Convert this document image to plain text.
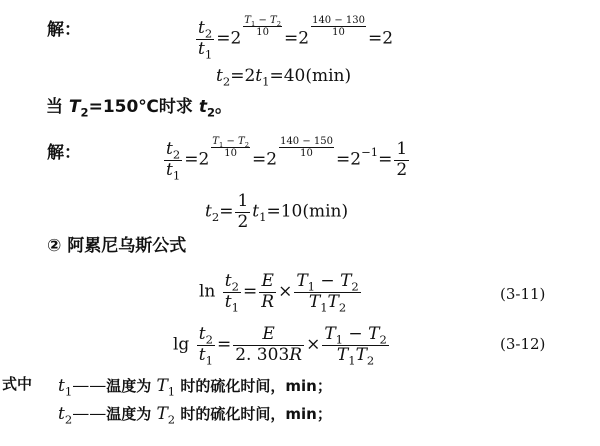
解：	$\frac{t_2}{t_1} =2$
$^{\frac{T_1 - T_2}{10}}$
=2
$^{\frac{140 - 130}{10}}$
=2
$t_2=2t_1=40(\min)$
当 $T_2=150℃$时求 $t_2$。
解：	$\frac{t_2}{t_1} =2$
$^{\frac{T_1 - T_2}{10}}$
=2
$^{\frac{140 - 150}{10}}$
$=2^{-1}= \frac{1}{2}$
$t_2= \frac{1}{2} t_1=10(\min)$
② 阿累尼乌斯公式
$\ln \frac{t_2}{t_1} = \frac{E}{R} \times \frac{T_1 - T_2}{T_1T_2}$	(3-11)
$\lg \frac{t_2}{t_1} = \frac{E}{2. 303R} \times \frac{T_1 - T_2}{T_1T_2}$	(3-12)
式中 $t_1——$温度为 $T_1$ 时的硫化时间，min；
$t_2——$温度为 $T_2$ 时的硫化时间，min；
